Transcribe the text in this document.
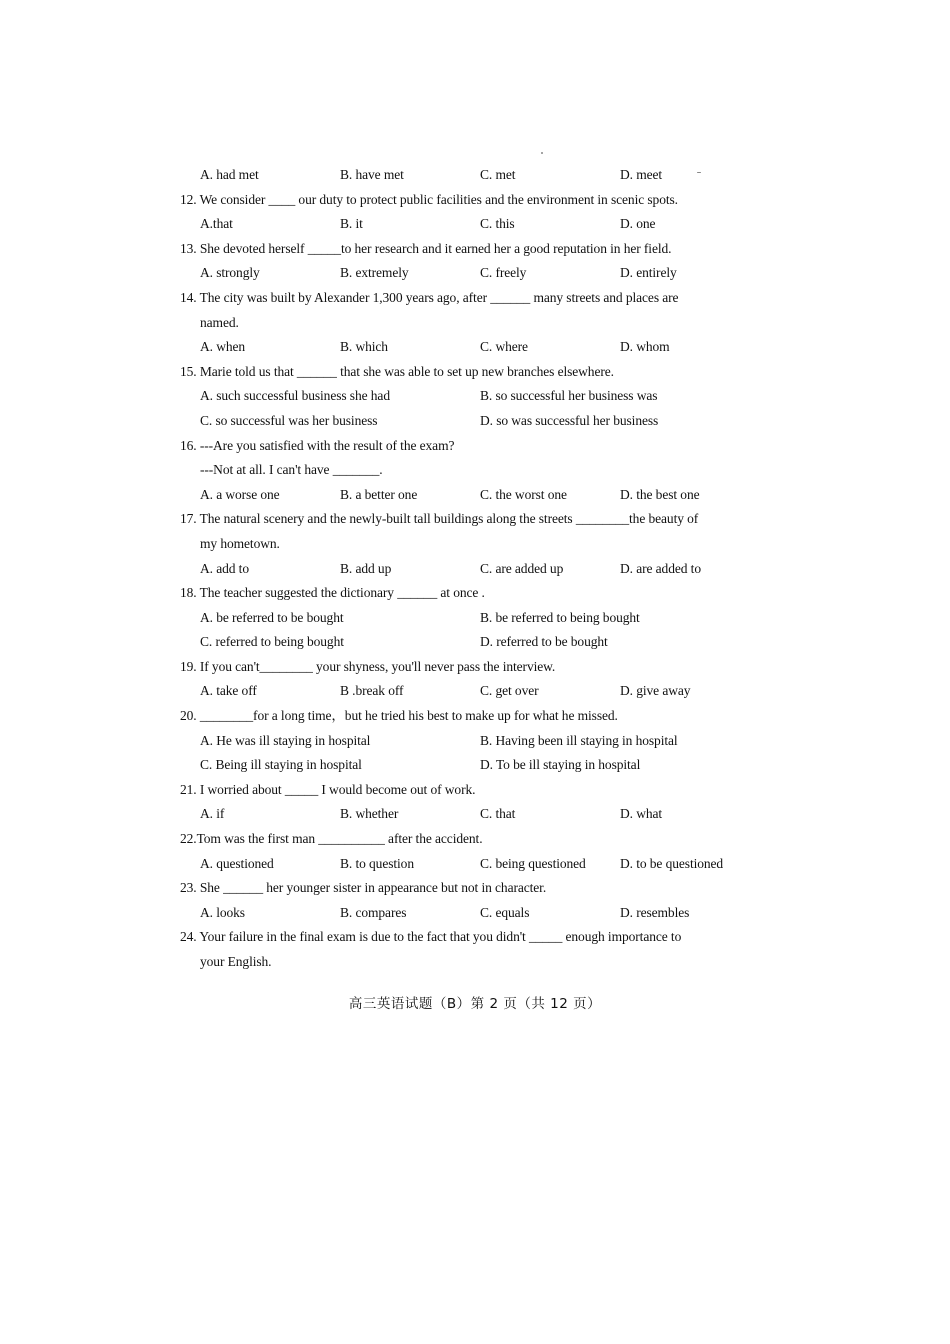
A. had met	B. have met	C. met	D. meet
12. We consider ____ our duty to protect public facilities and the environment in scenic spots.
A.that	B. it	C. this	D. one
13. She devoted herself _____to her research and it earned her a good reputation in her field.
A. strongly	B. extremely	C. freely	D. entirely
14. The city was built by Alexander 1,300 years ago, after ______ many streets and places are
named.
A. when	B. which	C. where	D. whom
15. Marie told us that ______ that she was able to set up new branches elsewhere.
A. such successful business she had	B. so successful her business was
C. so successful was her business	D. so was successful her business
16. ---Are you satisfied with the result of the exam?
---Not at all. I can't have _______.
A. a worse one	B. a better one	C. the worst one	D. the best one
17. The natural scenery and the newly-built tall buildings along the streets ________the beauty of
my hometown.
A. add to	B. add up	C. are added up	D. are added to
18. The teacher suggested the dictionary ______ at once .
A. be referred to be bought	B. be referred to being bought
C. referred to being bought	D. referred to be bought
19. If you can't________ your shyness, you'll never pass the interview.
A. take off	B .break off	C. get over	D. give away
20. ________for a long time，but he tried his best to make up for what he missed.
A. He was ill staying in hospital	B. Having been ill staying in hospital
C. Being ill staying in hospital	D. To be ill staying in hospital
21. I worried about _____ I would become out of work.
A. if	B. whether	C. that	D. what
22.Tom was the first man __________ after the accident.
A. questioned	B. to question	C. being questioned	D. to be questioned
23. She ______ her younger sister in appearance but not in character.
A. looks	B. compares	C. equals	D. resembles
24. Your failure in the final exam is due to the fact that you didn't _____ enough importance to
your English.
高三英语试题（B）第 2 页（共 12 页）
